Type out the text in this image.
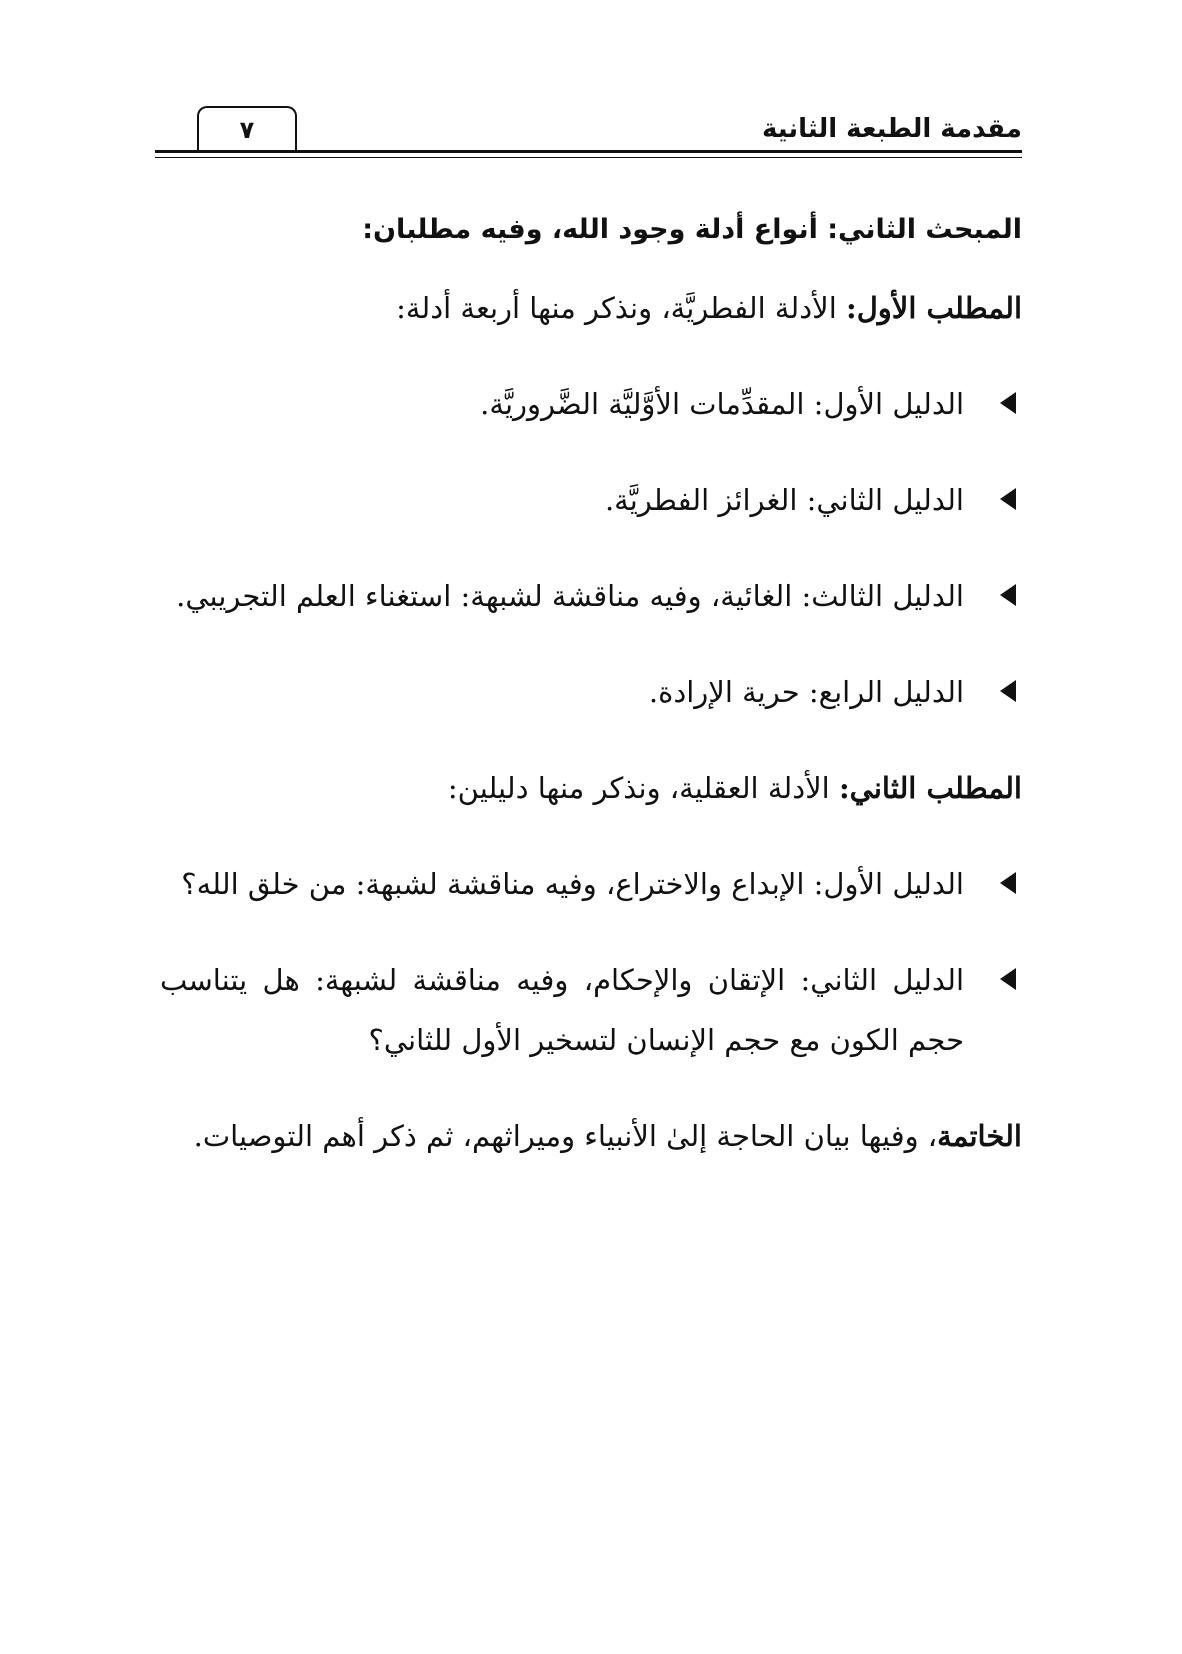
٧	مقدمة الطبعة الثانية

المبحث الثاني: أنواع أدلة وجود الله، وفيه مطلبان:

المطلب الأول: الأدلة الفطريَّة، ونذكر منها أربعة أدلة:

الدليل الأول: المقدِّمات الأوَّليَّة الضَّروريَّة.
الدليل الثاني: الغرائز الفطريَّة.
الدليل الثالث: الغائية، وفيه مناقشة لشبهة: استغناء العلم التجريبي.
الدليل الرابع: حرية الإرادة.

المطلب الثاني: الأدلة العقلية، ونذكر منها دليلين:

الدليل الأول: الإبداع والاختراع، وفيه مناقشة لشبهة: من خلق الله؟
الدليل الثاني: الإتقان والإحكام، وفيه مناقشة لشبهة: هل يتناسب حجم الكون مع حجم الإنسان لتسخير الأول للثاني؟

الخاتمة، وفيها بيان الحاجة إلىٰ الأنبياء وميراثهم، ثم ذكر أهم التوصيات.
